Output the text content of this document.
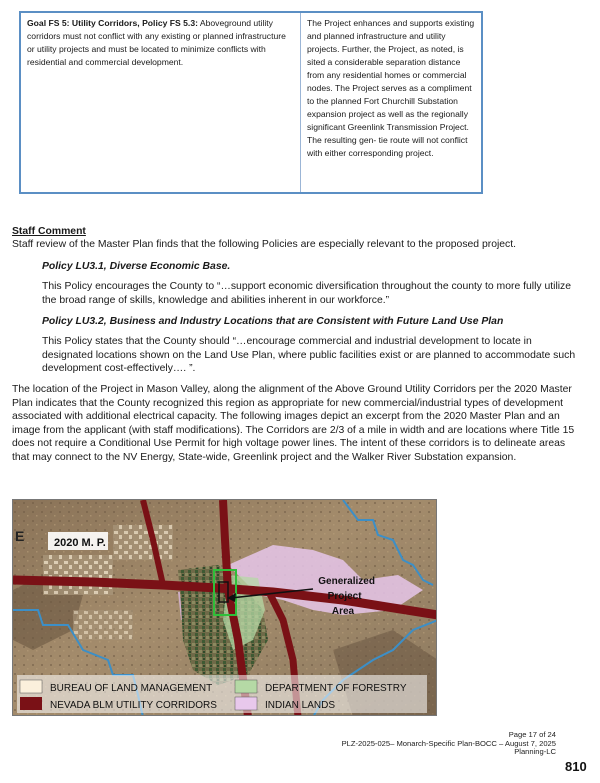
Goal FS 5: Utility Corridors, Policy FS 5.3: Aboveground utility corridors must not conflict with any existing or planned infrastructure or utility projects and must be located to minimize conflicts with residential and commercial development.
The Project enhances and supports existing and planned infrastructure and utility projects. Further, the Project, as noted, is sited a considerable separation distance from any residential homes or commercial nodes. The Project serves as a compliment to the planned Fort Churchill Substation expansion project as well as the regionally significant Greenlink Transmission Project. The resulting gen- tie route will not conflict with either corresponding project.
Staff Comment
Staff review of the Master Plan finds that the following Policies are especially relevant to the proposed project.
Policy LU3.1, Diverse Economic Base.
This Policy encourages the County to “…support economic diversification throughout the county to more fully utilize the broad range of skills, knowledge and abilities inherent in our workforce.”
Policy LU3.2, Business and Industry Locations that are Consistent with Future Land Use Plan
This Policy states that the County should “…encourage commercial and industrial development to locate in designated locations shown on the Land Use Plan, where public facilities exist or are planned to accommodate such development cost-effectively…. ”.
The location of the Project in Mason Valley, along the alignment of the Above Ground Utility Corridors per the 2020 Master Plan indicates that the County recognized this region as appropriate for new commercial/industrial types of development associated with additional electrical capacity. The following images depict an excerpt from the 2020 Master Plan and an image from the applicant (with staff modifications). The Corridors are 2/3 of a mile in width and are locations where Title 15 does not require a Conditional Use Permit for high voltage power lines. The intent of these corridors is to delineate areas that may connect to the NV Energy, State-wide, Greenlink project and the Walker River Substation expansion.
E	2020 M. P.
Generalized Project Area
BUREAU OF LAND MANAGEMENT	DEPARTMENT OF FORESTRY
NEVADA BLM UTILITY CORRIDORS	INDIAN LANDS
Page 17 of 24
PLZ-2025-025– Monarch-Specific Plan-BOCC – August 7, 2025
Planning-LC
810
